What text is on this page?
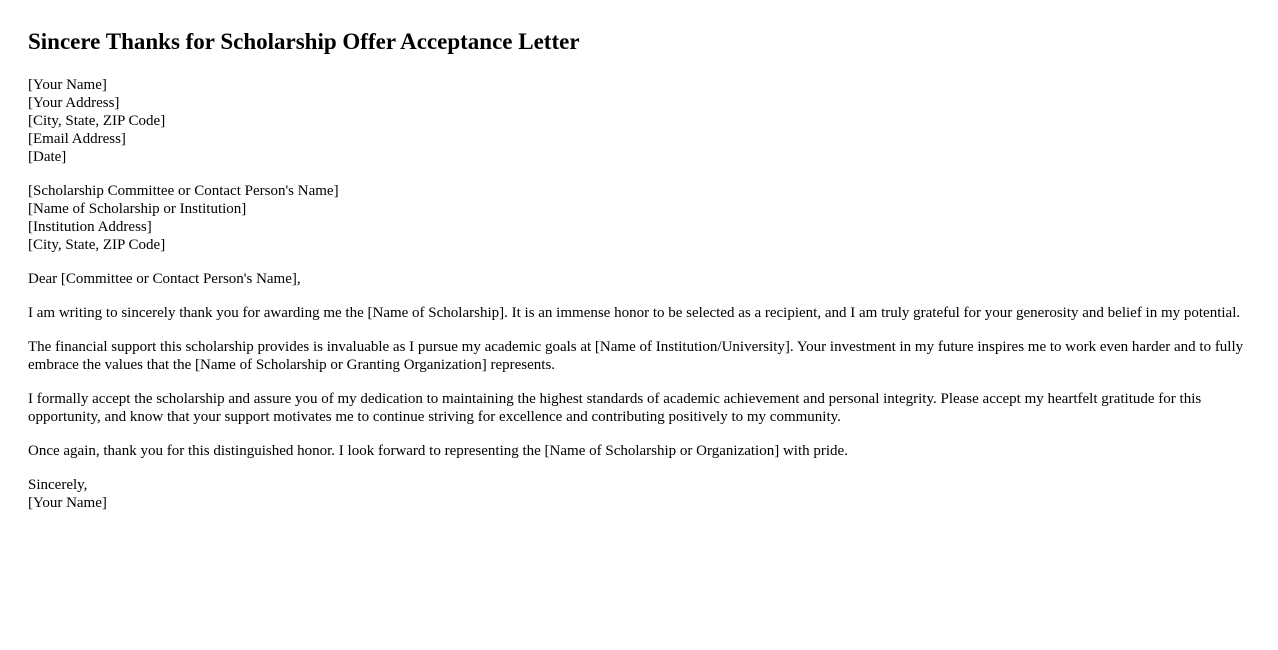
Sincere Thanks for Scholarship Offer Acceptance Letter
[Your Name]
[Your Address]
[City, State, ZIP Code]
[Email Address]
[Date]
[Scholarship Committee or Contact Person's Name]
[Name of Scholarship or Institution]
[Institution Address]
[City, State, ZIP Code]

Dear [Committee or Contact Person's Name],

I am writing to sincerely thank you for awarding me the [Name of Scholarship]. It is an immense honor to be selected as a recipient, and I am truly grateful for your generosity and belief in my potential.

The financial support this scholarship provides is invaluable as I pursue my academic goals at [Name of Institution/University]. Your investment in my future inspires me to work even harder and to fully embrace the values that the [Name of Scholarship or Granting Organization] represents.

I formally accept the scholarship and assure you of my dedication to maintaining the highest standards of academic achievement and personal integrity. Please accept my heartfelt gratitude for this opportunity, and know that your support motivates me to continue striving for excellence and contributing positively to my community.

Once again, thank you for this distinguished honor. I look forward to representing the [Name of Scholarship or Organization] with pride.

Sincerely,
[Your Name]
